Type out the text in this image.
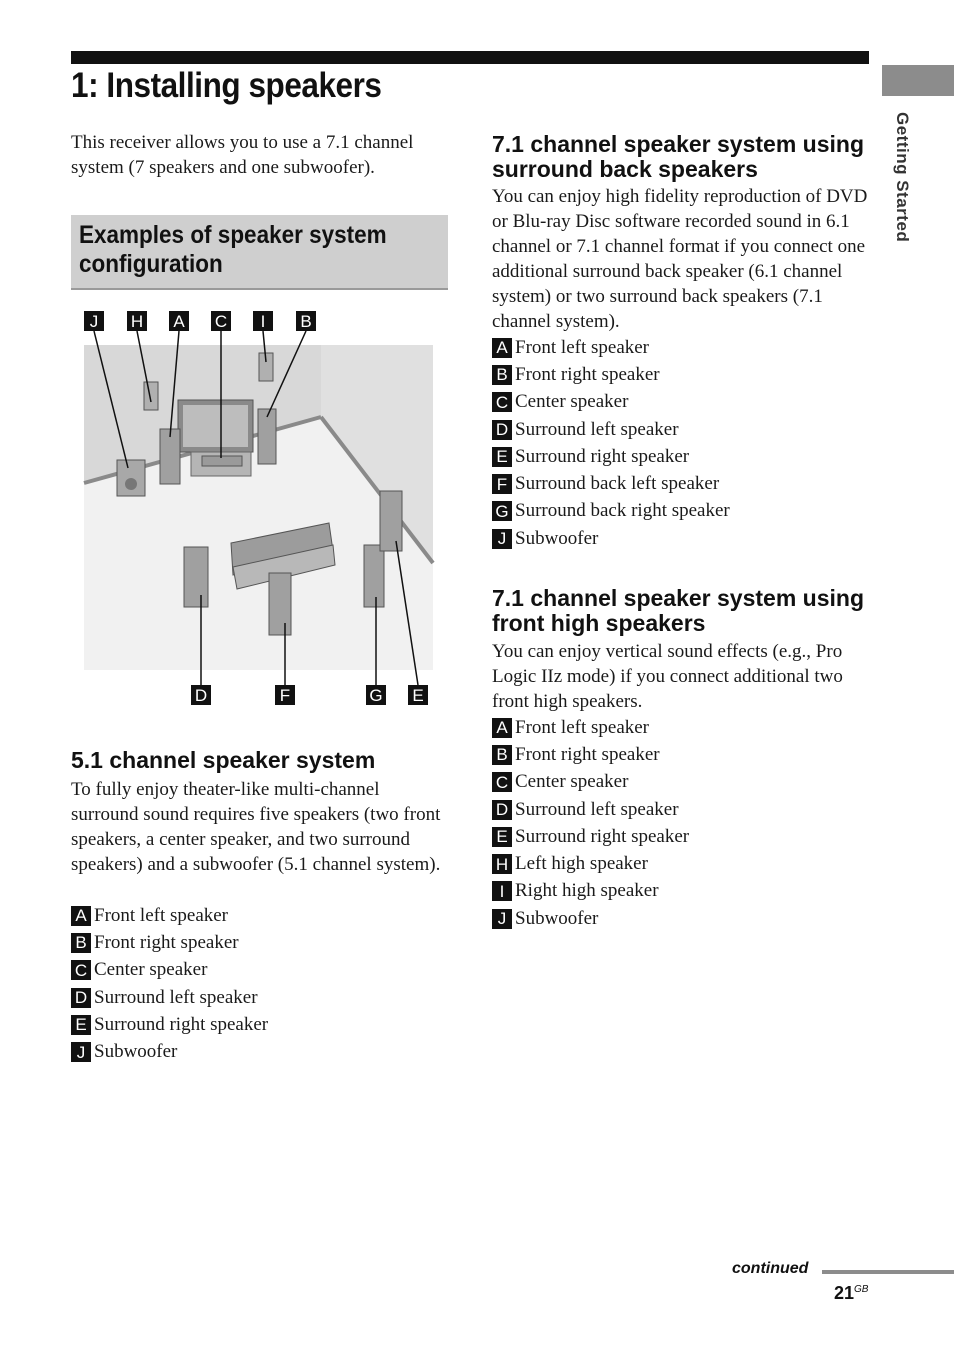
1: Installing speakers
Getting Started

This receiver allows you to use a 7.1 channel system (7 speakers and one subwoofer).

Examples of speaker system configuration
J H A C I B
D	F	G E
5.1 channel speaker system

To fully enjoy theater-like multi-channel surround sound requires five speakers (two front speakers, a center speaker, and two surround speakers) and a subwoofer (5.1 channel system).

A Front left speaker
B Front right speaker
C Center speaker
D Surround left speaker
E Surround right speaker
J Subwoofer
7.1 channel speaker system using surround back speakers

You can enjoy high fidelity reproduction of DVD or Blu-ray Disc software recorded sound in 6.1 channel or 7.1 channel format if you connect one additional surround back speaker (6.1 channel system) or two surround back speakers (7.1 channel system).

A Front left speaker
B Front right speaker
C Center speaker
D Surround left speaker
E Surround right speaker
F Surround back left speaker
G Surround back right speaker
J Subwoofer
7.1 channel speaker system using front high speakers

You can enjoy vertical sound effects (e.g., Pro Logic IIz mode) if you connect additional two front high speakers.

A Front left speaker
B Front right speaker
C Center speaker
D Surround left speaker
E Surround right speaker
H Left high speaker
I Right high speaker
J Subwoofer
continued
$21^{GB}$
